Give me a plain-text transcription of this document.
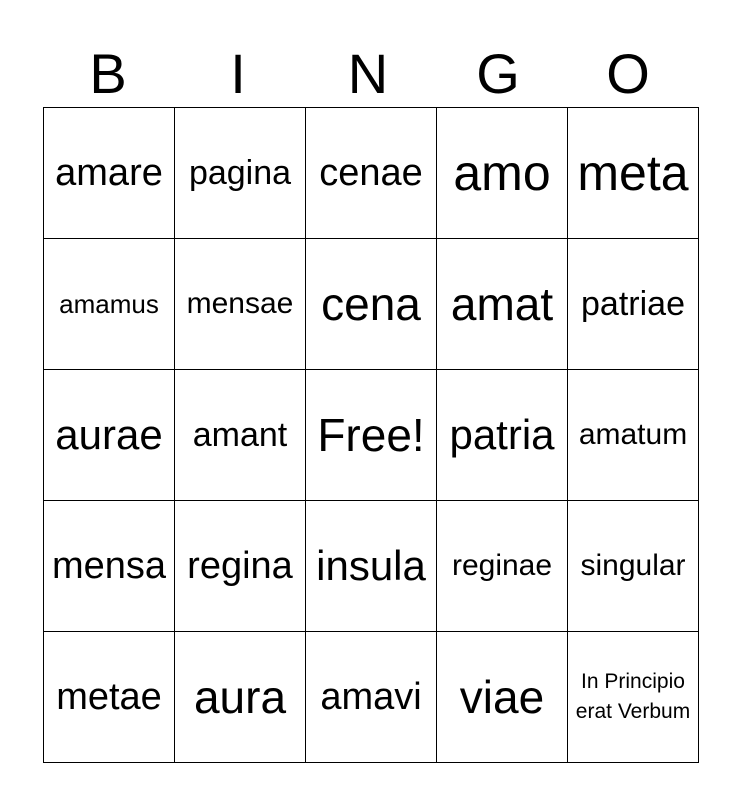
B	I	N	G	O
amare	pagina	cenae	amo	meta
amamus	mensae	cena	amat	patriae
aurae	amant	Free!	patria	amatum
mensa	regina	insula	reginae	singular
metae	aura	amavi	viae	In Principio erat Verbum
